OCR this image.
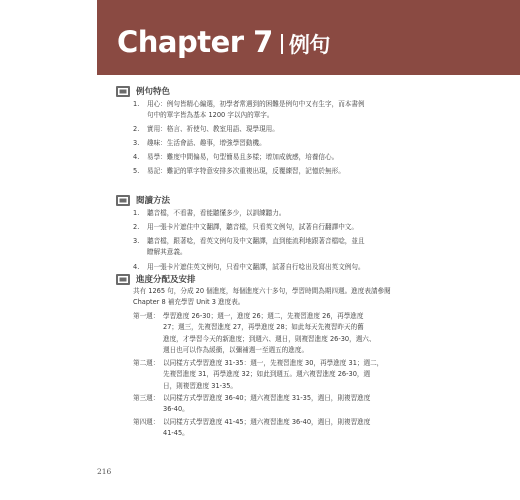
Chapter 7 例句
例句特色
1. 用心：例句皆精心編選，初學者常遇到的困難是例句中又有生字，而本書例
句中的單字皆為基本 1200 字以內的單字。
2. 實用：格言、祈使句、教室用語、現學現用。
3. 趣味：生活會話、趣事，增強學習動機。
4. 易學：難度中間偏易，句型簡易且多樣；增加成就感，培養信心。
5. 易記：難記的單字特意安排多次重複出現，反覆練習，記憶於無形。
閱讀方法
1. 聽音檔，不看書，看能聽懂多少，以訓練聽力。
2. 用一張卡片遮住中文翻譯，聽音檔，只看英文例句，試著自行翻譯中文。
3. 聽音檔，跟著唸，看英文例句及中文翻譯，直到能流利地跟著音檔唸，並且
瞭解其意義。
4. 用一張卡片遮住英文例句，只看中文翻譯，試著自行唸出及寫出英文例句。
進度分配及安排
共有 1265 句，分成 20 個進度，每個進度六十多句，學習時間為期四週。進度表請參閱
Chapter 8 補充學習 Unit 3 進度表。
第一週： 學習進度 26-30；週一，進度 26；週二，先複習進度 26，再學進度
27；週三，先複習進度 27，再學進度 28；如此每天先複習昨天的舊
進度，才學習今天的新進度；到週六、週日，則複習進度 26-30，週六、
週日也可以作為緩衝，以彌補週一至週五的進度。
第二週： 以同樣方式學習進度 31-35：週一，先複習進度 30，再學進度 31；週二，
先複習進度 31，再學進度 32；如此到週五。週六複習進度 26-30，週
日，則複習進度 31-35。
第三週： 以同樣方式學習進度 36-40；週六複習進度 31-35，週日，則複習進度
36-40。
第四週： 以同樣方式學習進度 41-45；週六複習進度 36-40，週日，則複習進度
41-45。
216
